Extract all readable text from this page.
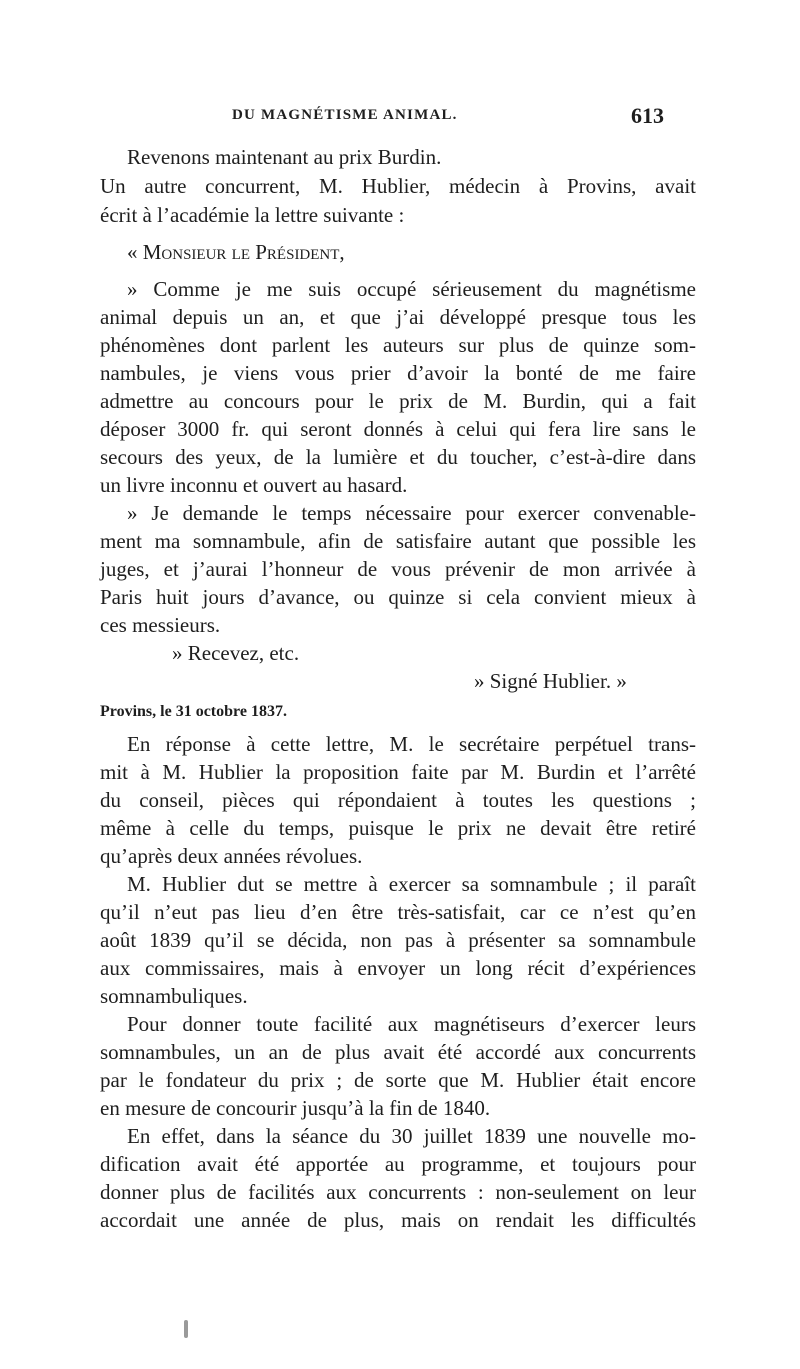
DU MAGNÉTISME ANIMAL.	613
Revenons maintenant au prix Burdin.
Un autre concurrent, M. Hublier, médecin à Provins, avait
écrit à l’académie la lettre suivante :
« Monsieur le Président,
» Comme je me suis occupé sérieusement du magnétisme
animal depuis un an, et que j’ai développé presque tous les
phénomènes dont parlent les auteurs sur plus de quinze som-
nambules, je viens vous prier d’avoir la bonté de me faire
admettre au concours pour le prix de M. Burdin, qui a fait
déposer 3000 fr. qui seront donnés à celui qui fera lire sans le
secours des yeux, de la lumière et du toucher, c’est-à-dire dans
un livre inconnu et ouvert au hasard.
» Je demande le temps nécessaire pour exercer convenable-
ment ma somnambule, afin de satisfaire autant que possible les
juges, et j’aurai l’honneur de vous prévenir de mon arrivée à
Paris huit jours d’avance, ou quinze si cela convient mieux à
ces messieurs.
» Recevez, etc.
» Signé Hublier. »
Provins, le 31 octobre 1837.
En réponse à cette lettre, M. le secrétaire perpétuel trans-
mit à M. Hublier la proposition faite par M. Burdin et l’arrêté
du conseil, pièces qui répondaient à toutes les questions ;
même à celle du temps, puisque le prix ne devait être retiré
qu’après deux années révolues.
M. Hublier dut se mettre à exercer sa somnambule ; il paraît
qu’il n’eut pas lieu d’en être très-satisfait, car ce n’est qu’en
août 1839 qu’il se décida, non pas à présenter sa somnambule
aux commissaires, mais à envoyer un long récit d’expériences
somnambuliques.
Pour donner toute facilité aux magnétiseurs d’exercer leurs
somnambules, un an de plus avait été accordé aux concurrents
par le fondateur du prix ; de sorte que M. Hublier était encore
en mesure de concourir jusqu’à la fin de 1840.
En effet, dans la séance du 30 juillet 1839 une nouvelle mo-
dification avait été apportée au programme, et toujours pour
donner plus de facilités aux concurrents : non-seulement on leur
accordait une année de plus, mais on rendait les difficultés
